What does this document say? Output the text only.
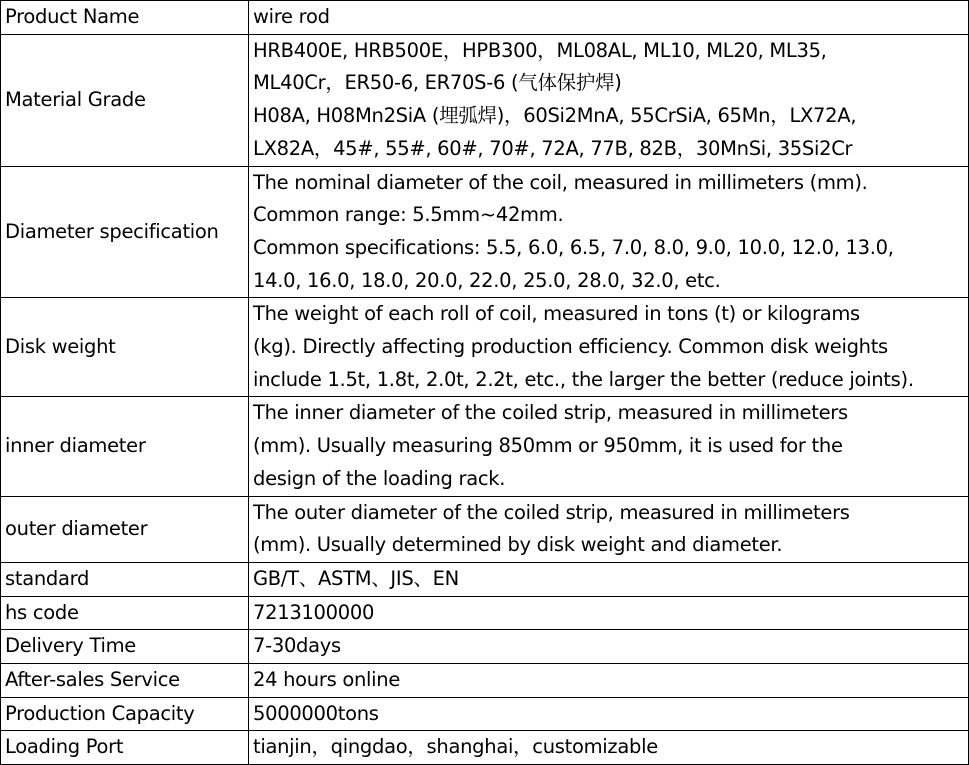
Product Name	wire rod

Material Grade	HRB400E, HRB500E，HPB300，ML08AL, ML10, ML20, ML35,
ML40Cr，ER50-6, ER70S-6 (气体保护焊)
H08A, H08Mn2SiA (埋弧焊)，60Si2MnA, 55CrSiA, 65Mn，LX72A,
LX82A，45#, 55#, 60#, 70#, 72A, 77B, 82B，30MnSi, 35Si2Cr

Diameter specification	The nominal diameter of the coil, measured in millimeters (mm).
Common range: 5.5mm~42mm.
Common specifications: 5.5, 6.0, 6.5, 7.0, 8.0, 9.0, 10.0, 12.0, 13.0,
14.0, 16.0, 18.0, 20.0, 22.0, 25.0, 28.0, 32.0, etc.

Disk weight	The weight of each roll of coil, measured in tons (t) or kilograms
(kg). Directly affecting production efficiency. Common disk weights
include 1.5t, 1.8t, 2.0t, 2.2t, etc., the larger the better (reduce joints).

inner diameter	The inner diameter of the coiled strip, measured in millimeters
(mm). Usually measuring 850mm or 950mm, it is used for the
design of the loading rack.

outer diameter	The outer diameter of the coiled strip, measured in millimeters
(mm). Usually determined by disk weight and diameter.

standard	GB/T、ASTM、JIS、EN

hs code	7213100000

Delivery Time	7-30days

After-sales Service	24 hours online

Production Capacity	5000000tons

Loading Port	tianjin，qingdao，shanghai，customizable
